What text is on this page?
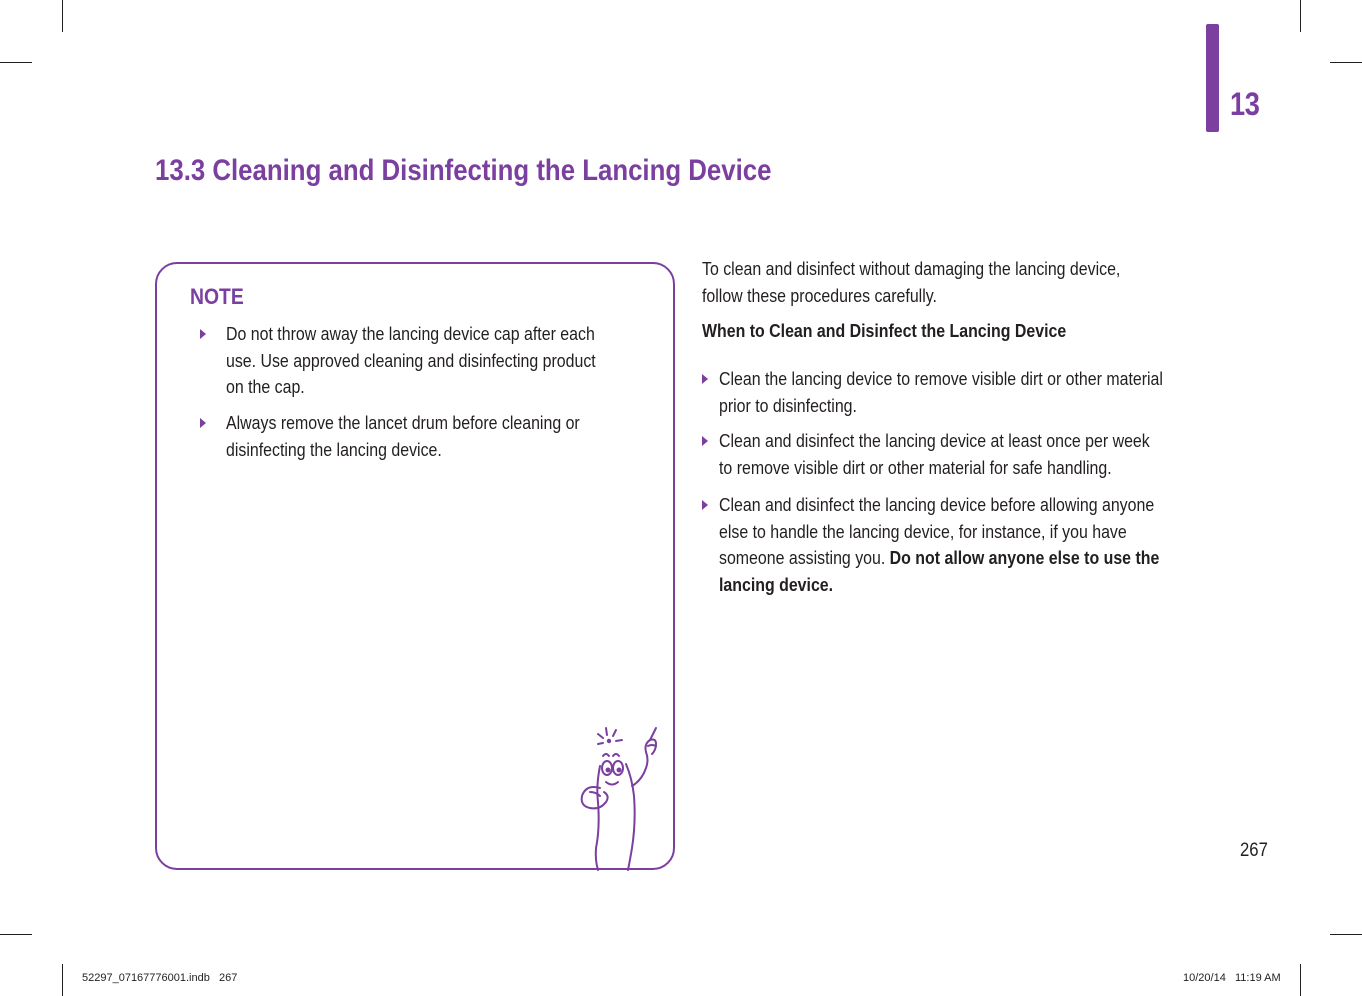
13
13.3 Cleaning and Disinfecting the Lancing Device
NOTE
Do not throw away the lancing device cap after each
use. Use approved cleaning and disinfecting product
on the cap.
Always remove the lancet drum before cleaning or
disinfecting the lancing device.
To clean and disinfect without damaging the lancing device,
follow these procedures carefully.
When to Clean and Disinfect the Lancing Device
Clean the lancing device to remove visible dirt or other material
prior to disinfecting.
Clean and disinfect the lancing device at least once per week
to remove visible dirt or other material for safe handling.
Clean and disinfect the lancing device before allowing anyone
else to handle the lancing device, for instance, if you have
someone assisting you. Do not allow anyone else to use the
lancing device.
267
52297_07167776001.indb   267	10/20/14   11:19 AM
